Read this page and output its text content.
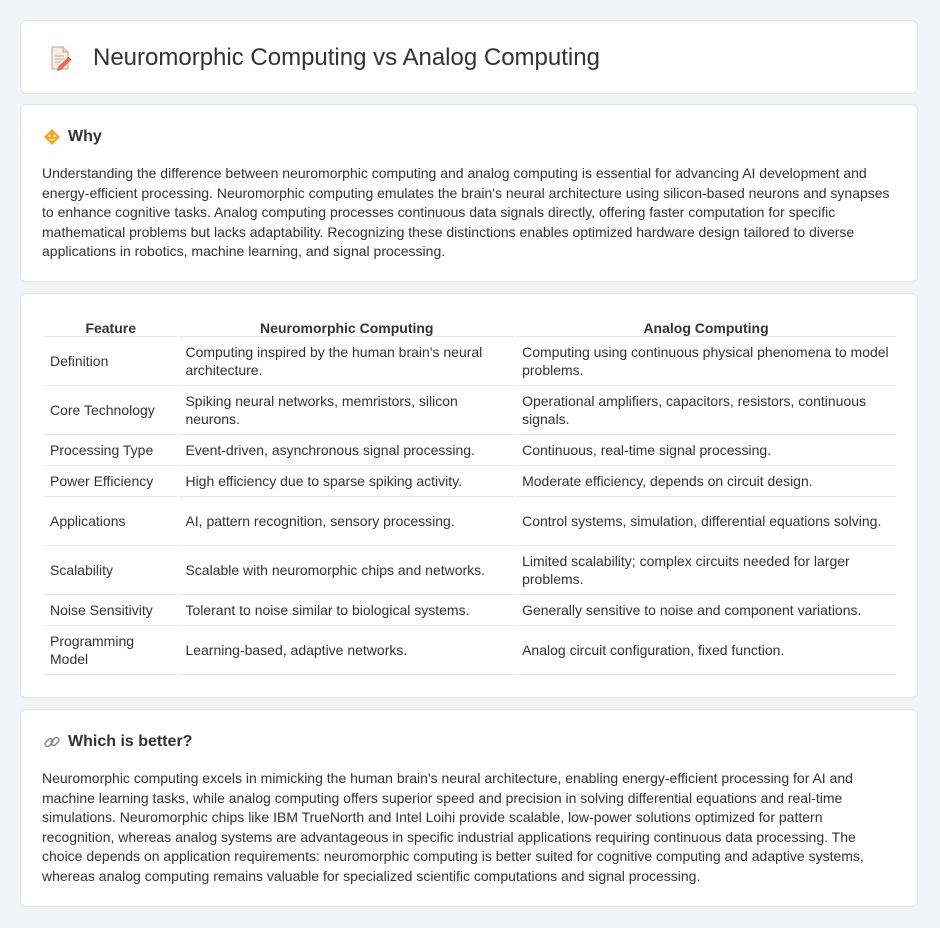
Neuromorphic Computing vs Analog Computing
Why

Understanding the difference between neuromorphic computing and analog computing is essential for advancing AI development and energy-efficient processing. Neuromorphic computing emulates the brain's neural architecture using silicon-based neurons and synapses to enhance cognitive tasks. Analog computing processes continuous data signals directly, offering faster computation for specific mathematical problems but lacks adaptability. Recognizing these distinctions enables optimized hardware design tailored to diverse applications in robotics, machine learning, and signal processing.

Feature	Neuromorphic Computing	Analog Computing
Definition	Computing inspired by the human brain's neural architecture.	Computing using continuous physical phenomena to model problems.
Core Technology	Spiking neural networks, memristors, silicon neurons.	Operational amplifiers, capacitors, resistors, continuous signals.
Processing Type	Event-driven, asynchronous signal processing.	Continuous, real-time signal processing.
Power Efficiency	High efficiency due to sparse spiking activity.	Moderate efficiency, depends on circuit design.
Applications	AI, pattern recognition, sensory processing.	Control systems, simulation, differential equations solving.
Scalability	Scalable with neuromorphic chips and networks.	Limited scalability; complex circuits needed for larger problems.
Noise Sensitivity	Tolerant to noise similar to biological systems.	Generally sensitive to noise and component variations.
Programming Model	Learning-based, adaptive networks.	Analog circuit configuration, fixed function.
Which is better?

Neuromorphic computing excels in mimicking the human brain's neural architecture, enabling energy-efficient processing for AI and machine learning tasks, while analog computing offers superior speed and precision in solving differential equations and real-time simulations. Neuromorphic chips like IBM TrueNorth and Intel Loihi provide scalable, low-power solutions optimized for pattern recognition, whereas analog systems are advantageous in specific industrial applications requiring continuous data processing. The choice depends on application requirements: neuromorphic computing is better suited for cognitive computing and adaptive systems, whereas analog computing remains valuable for specialized scientific computations and signal processing.
